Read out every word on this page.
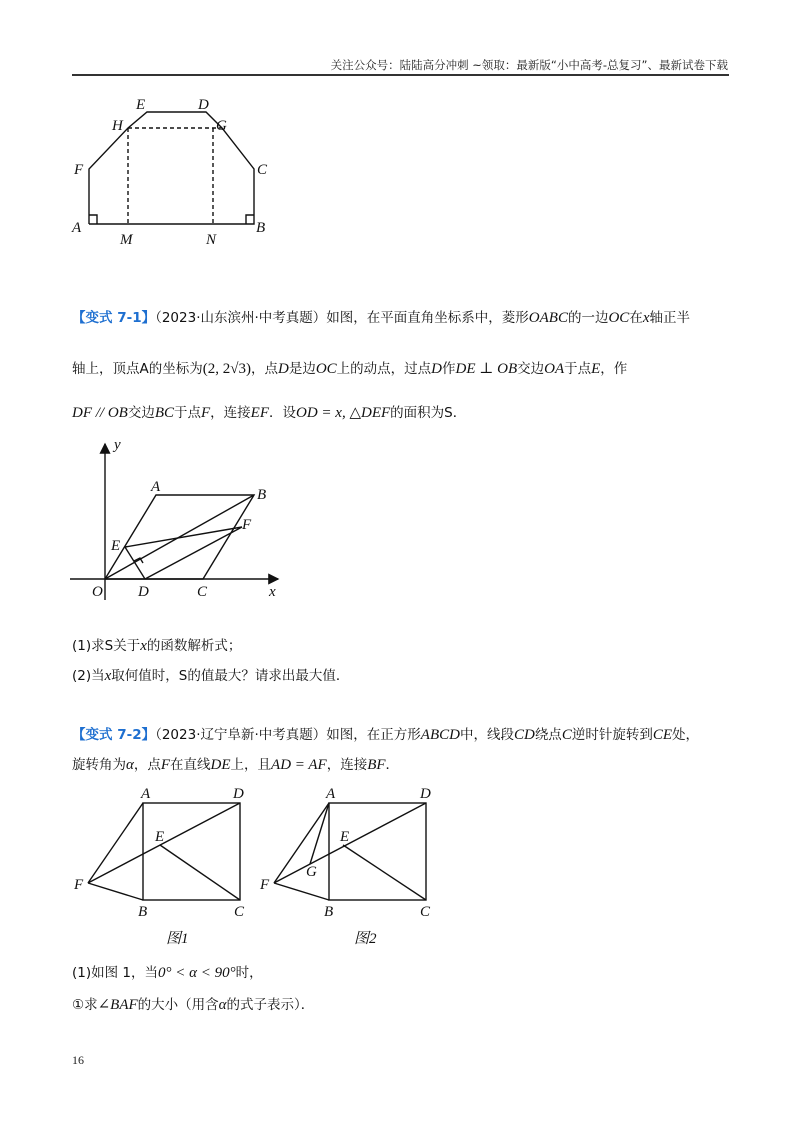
关注公众号：陆陆高分冲刺 ~领取：最新版“小中高考-总复习”、最新试卷下载
E	D
H	G
F	C
A
M	N
B
【变式 7-1】（2023·山东滨州·中考真题）如图，在平面直角坐标系中，菱形OABC的一边OC在x轴正半
轴上，顶点A的坐标为(2, 2√3)，点D是边OC上的动点，过点D作DE ⊥ OB交边OA于点E，作
DF // OB交边BC于点F，连接EF．设OD = x, △DEF的面积为S．
y
A	B
E
F
O D	C	x
(1)求S关于x的函数解析式；
(2)当x取何值时，S的值最大？请求出最大值．
【变式 7-2】（2023·辽宁阜新·中考真题）如图，在正方形ABCD中，线段CD绕点C逆时针旋转到CE处，
旋转角为α，点F在直线DE上，且AD = AF，连接BF．
A	D
E
F
B	C
图1
A	D
E
G
F
B	C
图2
(1)如图 1，当0° < α < 90°时，
①求∠BAF的大小（用含α的式子表示）．
16
